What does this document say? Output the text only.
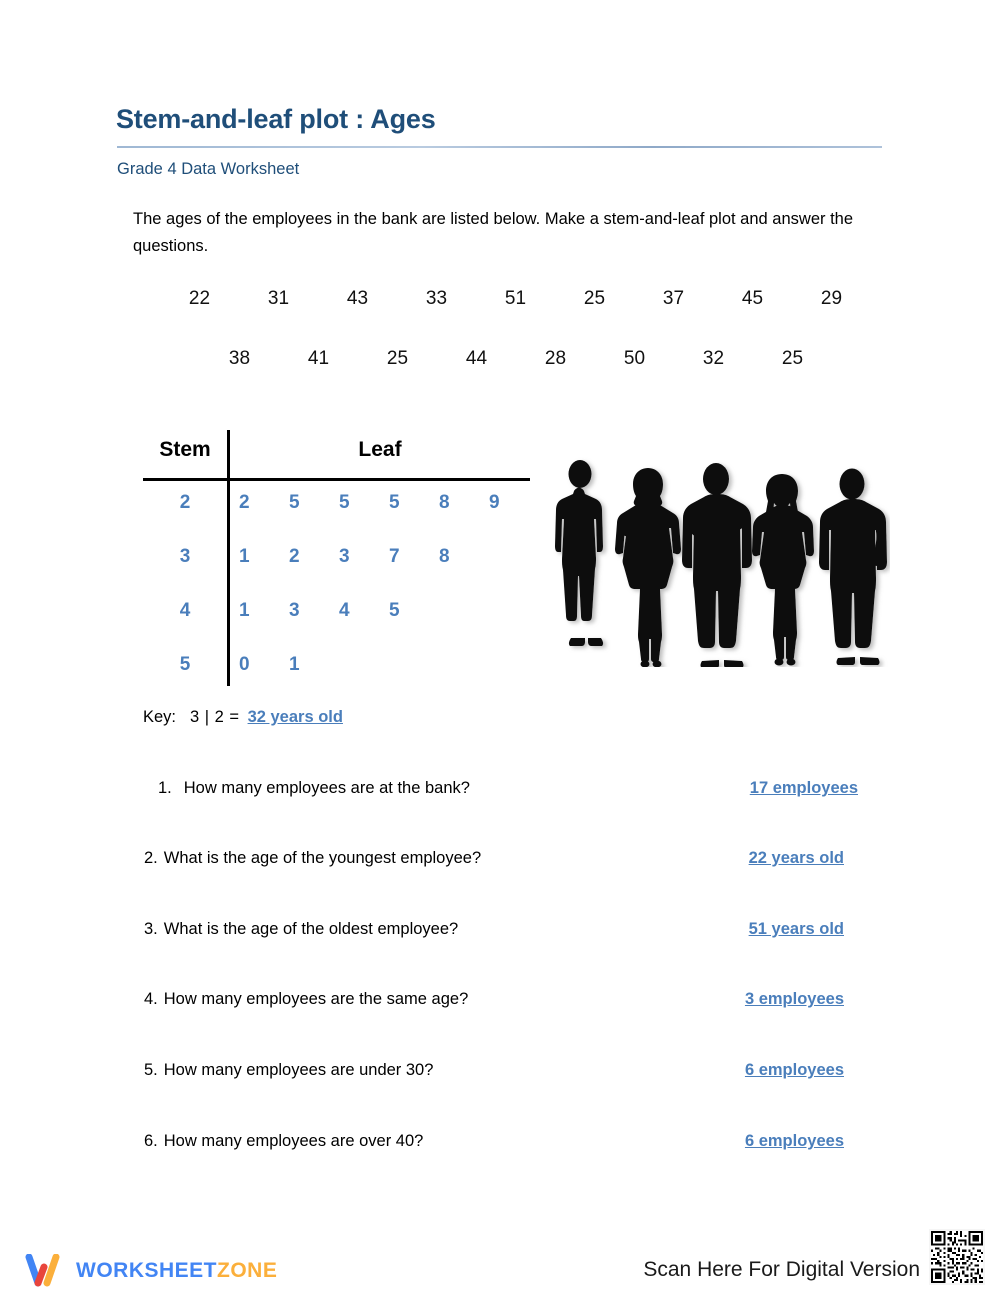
Stem-and-leaf plot : Ages
Grade 4 Data Worksheet
The ages of the employees in the bank are listed below. Make a stem-and-leaf plot and answer the questions.
22	31	43	33	51	25	37	45	29
38	41	25	44	28	50	32	25
Stem	Leaf
2	2 5 5 5 8 9
3	1 2 3 7 8
4	1 3 4 5
5	0 1
Key: 3 | 2 = 32 years old
1. How many employees are at the bank?	17 employees
2. What is the age of the youngest employee?	22 years old
3. What is the age of the oldest employee?	51 years old
4. How many employees are the same age?	3 employees
5. How many employees are under 30?	6 employees
6. How many employees are over 40?	6 employees
WORKSHEETZONE	Scan Here For Digital Version
